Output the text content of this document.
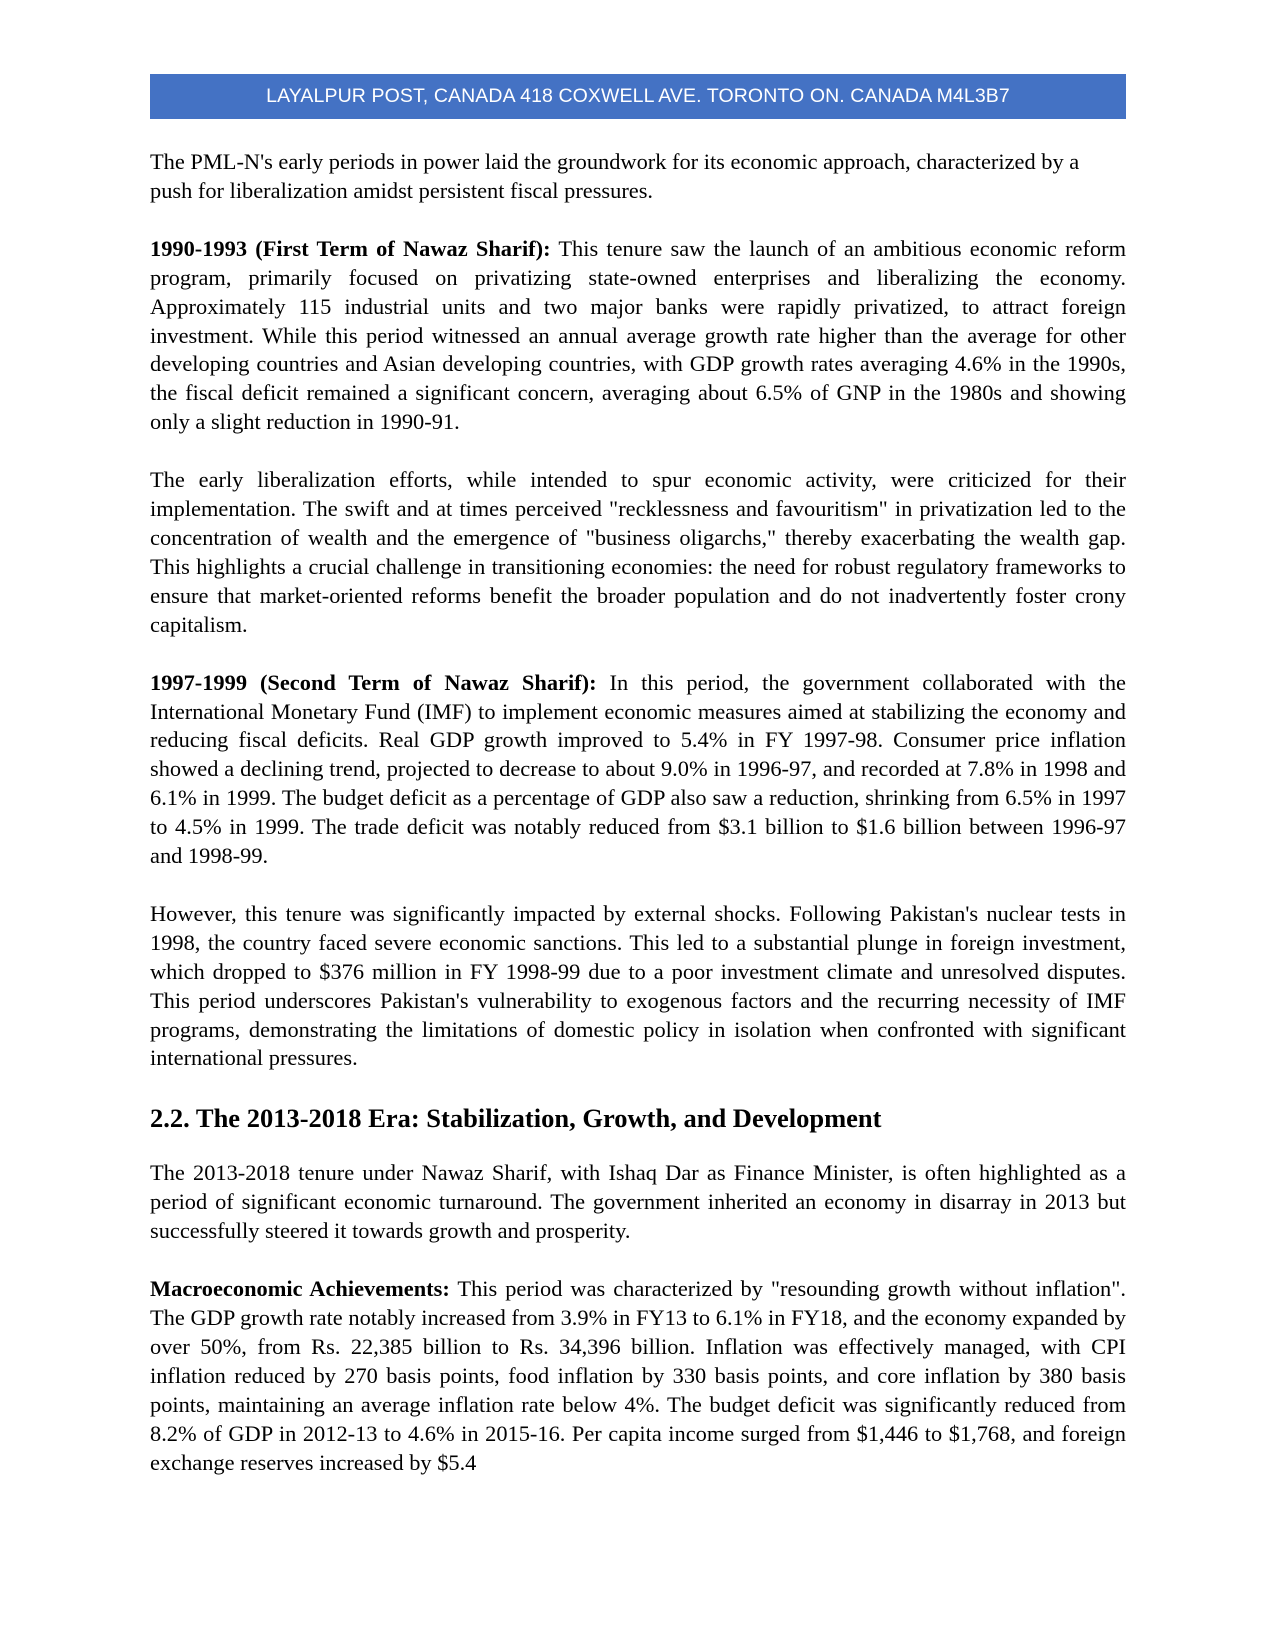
LAYALPUR POST, CANADA 418 COXWELL AVE. TORONTO ON. CANADA M4L3B7

The PML-N's early periods in power laid the groundwork for its economic approach, characterized by a push for liberalization amidst persistent fiscal pressures.

1990-1993 (First Term of Nawaz Sharif): This tenure saw the launch of an ambitious economic reform program, primarily focused on privatizing state-owned enterprises and liberalizing the economy. Approximately 115 industrial units and two major banks were rapidly privatized, to attract foreign investment. While this period witnessed an annual average growth rate higher than the average for other developing countries and Asian developing countries, with GDP growth rates averaging 4.6% in the 1990s, the fiscal deficit remained a significant concern, averaging about 6.5% of GNP in the 1980s and showing only a slight reduction in 1990-91.

The early liberalization efforts, while intended to spur economic activity, were criticized for their implementation. The swift and at times perceived "recklessness and favouritism" in privatization led to the concentration of wealth and the emergence of "business oligarchs," thereby exacerbating the wealth gap. This highlights a crucial challenge in transitioning economies: the need for robust regulatory frameworks to ensure that market-oriented reforms benefit the broader population and do not inadvertently foster crony capitalism.

1997-1999 (Second Term of Nawaz Sharif): In this period, the government collaborated with the International Monetary Fund (IMF) to implement economic measures aimed at stabilizing the economy and reducing fiscal deficits. Real GDP growth improved to 5.4% in FY 1997-98. Consumer price inflation showed a declining trend, projected to decrease to about 9.0% in 1996-97, and recorded at 7.8% in 1998 and 6.1% in 1999. The budget deficit as a percentage of GDP also saw a reduction, shrinking from 6.5% in 1997 to 4.5% in 1999. The trade deficit was notably reduced from $3.1 billion to $1.6 billion between 1996-97 and 1998-99.

However, this tenure was significantly impacted by external shocks. Following Pakistan's nuclear tests in 1998, the country faced severe economic sanctions. This led to a substantial plunge in foreign investment, which dropped to $376 million in FY 1998-99 due to a poor investment climate and unresolved disputes. This period underscores Pakistan's vulnerability to exogenous factors and the recurring necessity of IMF programs, demonstrating the limitations of domestic policy in isolation when confronted with significant international pressures.

2.2. The 2013-2018 Era: Stabilization, Growth, and Development

The 2013-2018 tenure under Nawaz Sharif, with Ishaq Dar as Finance Minister, is often highlighted as a period of significant economic turnaround. The government inherited an economy in disarray in 2013 but successfully steered it towards growth and prosperity.

Macroeconomic Achievements: This period was characterized by "resounding growth without inflation". The GDP growth rate notably increased from 3.9% in FY13 to 6.1% in FY18, and the economy expanded by over 50%, from Rs. 22,385 billion to Rs. 34,396 billion. Inflation was effectively managed, with CPI inflation reduced by 270 basis points, food inflation by 330 basis points, and core inflation by 380 basis points, maintaining an average inflation rate below 4%. The budget deficit was significantly reduced from 8.2% of GDP in 2012-13 to 4.6% in 2015-16. Per capita income surged from $1,446 to $1,768, and foreign exchange reserves increased by $5.4
